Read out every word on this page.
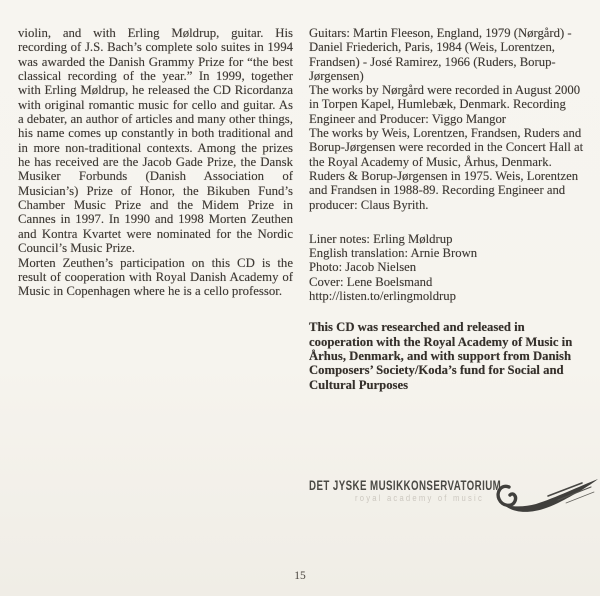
violin, and with Erling Møldrup, guitar. His recording of J.S. Bach’s complete solo suites in 1994 was awarded the Danish Grammy Prize for “the best classical recording of the year.” In 1999, together with Erling Møldrup, he released the CD Ricordanza with original romantic music for cello and guitar. As a debater, an author of articles and many other things, his name comes up constantly in both traditional and in more non-traditional contexts. Among the prizes he has received are the Jacob Gade Prize, the Dansk Musiker Forbunds (Danish Association of Musician’s) Prize of Honor, the Bikuben Fund’s Chamber Music Prize and the Midem Prize in Cannes in 1997. In 1990 and 1998 Morten Zeuthen and Kontra Kvartet were nominated for the Nordic Council’s Music Prize.

Morten Zeuthen’s participation on this CD is the result of cooperation with Royal Danish Academy of Music in Copenhagen where he is a cello professor.

Guitars: Martin Fleeson, England, 1979 (Nørgård) - Daniel Friederich, Paris, 1984 (Weis, Lorentzen, Frandsen) - José Ramirez, 1966 (Ruders, Borup-Jørgensen)
The works by Nørgård were recorded in August 2000 in Torpen Kapel, Humlebæk, Denmark. Recording Engineer and Producer: Viggo Mangor
The works by Weis, Lorentzen, Frandsen, Ruders and Borup-Jørgensen were recorded in the Concert Hall at the Royal Academy of Music, Århus, Denmark. Ruders & Borup-Jørgensen in 1975. Weis, Lorentzen and Frandsen in 1988-89. Recording Engineer and producer: Claus Byrith.
Liner notes: Erling Møldrup
English translation: Arnie Brown
Photo: Jacob Nielsen
Cover: Lene Boelsmand
http://listen.to/erlingmoldrup
This CD was researched and released in cooperation with the Royal Academy of Music in Århus, Denmark, and with support from Danish Composers’ Society/Koda’s fund for Social and Cultural Purposes
DET JYSKE MUSIKKONSERVATORIUM
royal academy of music
15
